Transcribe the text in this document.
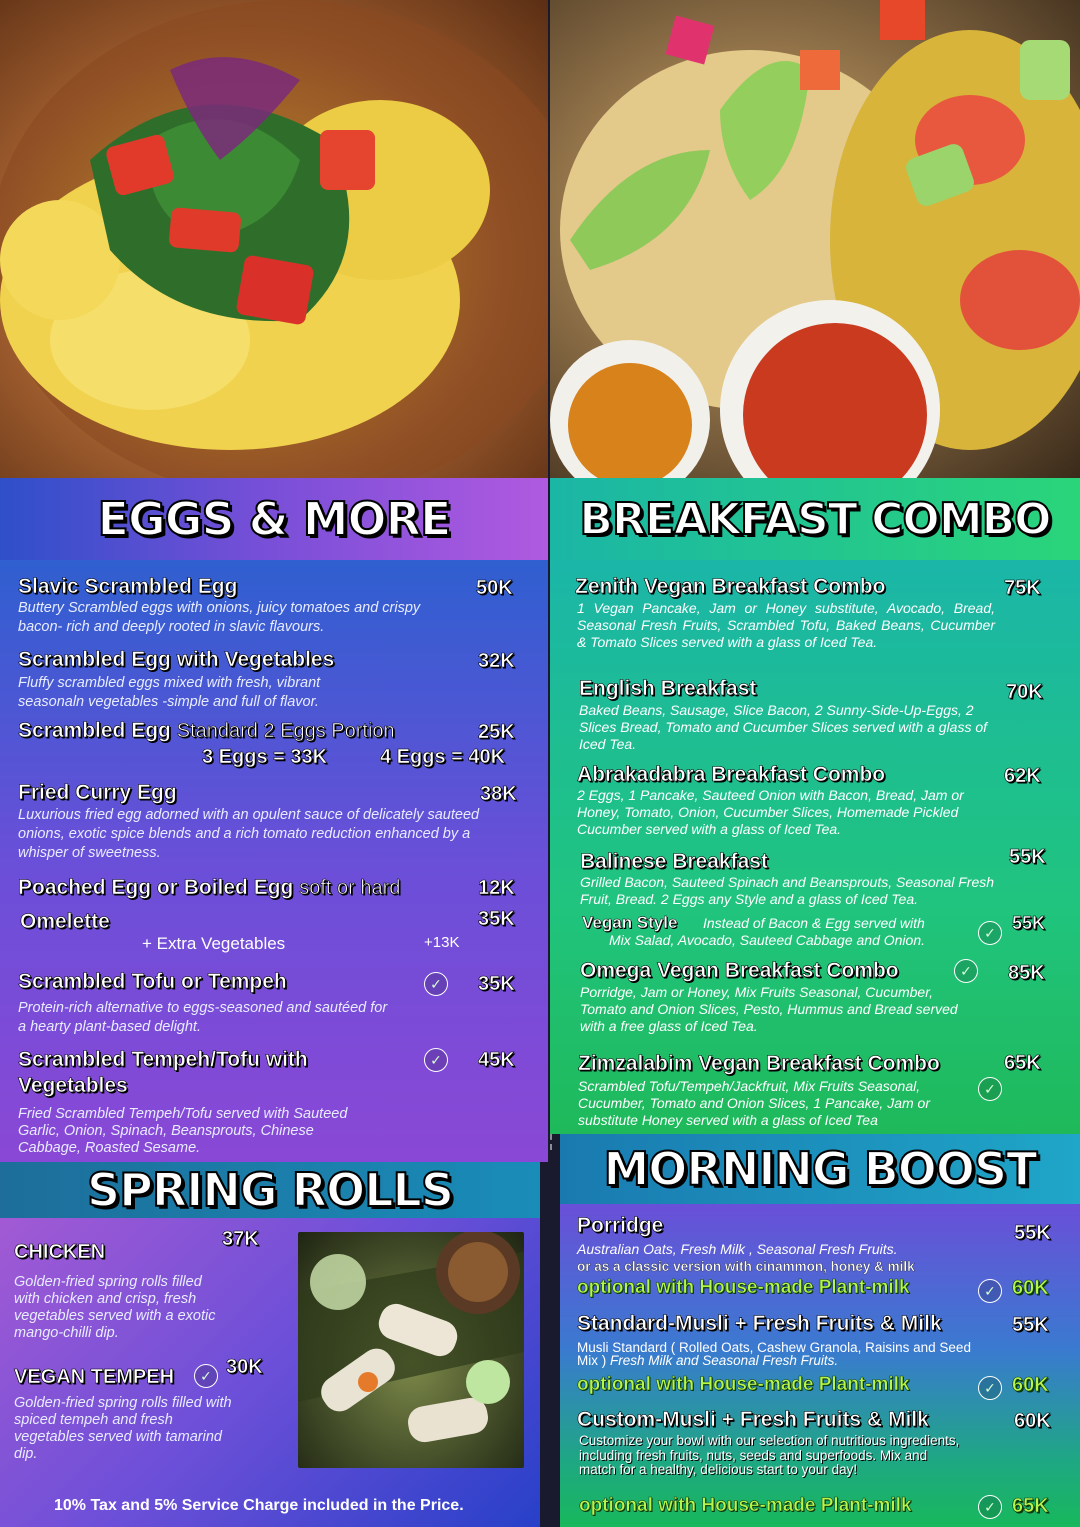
EGGS & MORE	BREAKFAST COMBO
Slavic Scrambled Egg	50K
Buttery Scrambled eggs with onions, juicy tomatoes and crispy bacon- rich and deeply rooted in slavic flavours.
Scrambled Egg with Vegetables	32K
Fluffy scrambled eggs mixed with fresh, vibrant seasonaln vegetables -simple and full of flavor.
Scrambled Egg Standard 2 Eggs Portion	25K
3 Eggs = 33K	4 Eggs = 40K
Fried Curry Egg	38K
Luxurious fried egg adorned with an opulent sauce of delicately sauteed onions, exotic spice blends and a rich tomato reduction enhanced by a whisper of sweetness.
Poached Egg or Boiled Egg soft or hard	12K
Omelette	35K
+ Extra Vegetables	+13K
Scrambled Tofu or Tempeh	✓	35K
Protein-rich alternative to eggs-seasoned and sautéed for a hearty plant-based delight.
Scrambled Tempeh/Tofu with
Vegetables
✓	45K
Fried Scrambled Tempeh/Tofu served with Sauteed Garlic, Onion, Spinach, Beansprouts, Chinese Cabbage, Roasted Sesame.
Zenith Vegan Breakfast Combo	75K
1 Vegan Pancake, Jam or Honey substitute, Avocado, Bread, Seasonal Fresh Fruits, Scrambled Tofu, Baked Beans, Cucumber & Tomato Slices served with a glass of Iced Tea.
English Breakfast	70K
Baked Beans, Sausage, Slice Bacon, 2 Sunny-Side-Up-Eggs, 2 Slices Bread, Tomato and Cucumber Slices served with a glass of Iced Tea.
Abrakadabra Breakfast Combo	62K
2 Eggs, 1 Pancake, Sauteed Onion with Bacon, Bread, Jam or Honey, Tomato, Onion, Cucumber Slices, Homemade Pickled Cucumber served with a glass of Iced Tea.
Balinese Breakfast	55K
Grilled Bacon, Sauteed Spinach and Beansprouts, Seasonal Fresh Fruit, Bread. 2 Eggs any Style and a glass of Iced Tea.
Vegan Style Instead of Bacon & Egg served with
Mix Salad, Avocado, Sauteed Cabbage and Onion.	✓ 55K
Omega Vegan Breakfast Combo	✓	85K
Porridge, Jam or Honey, Mix Fruits Seasonal, Cucumber, Tomato and Onion Slices, Pesto, Hummus and Bread served with a free glass of Iced Tea.
Zimzalabim Vegan Breakfast Combo	65K
✓
Scrambled Tofu/Tempeh/Jackfruit, Mix Fruits Seasonal, Cucumber, Tomato and Onion Slices, 1 Pancake, Jam or substitute Honey served with a glass of Iced Tea
SPRING ROLLS
CHICKEN
37K
Golden-fried spring rolls filled with chicken and crisp, fresh vegetables served with a exotic mango-chilli dip.
VEGAN TEMPEH	✓ 30K
Golden-fried spring rolls filled with spiced tempeh and fresh vegetables served with tamarind dip.
10% Tax and 5% Service Charge included in the Price.
MORNING BOOST
Porridge	55K
Australian Oats, Fresh Milk , Seasonal Fresh Fruits.
or as a classic version with cinammon, honey & milk
optional with House-made Plant-milk	✓ 60K
Standard-Musli + Fresh Fruits & Milk	55K
Musli Standard ( Rolled Oats, Cashew Granola, Raisins and Seed Mix ) Fresh Milk and Seasonal Fresh Fruits.
optional with House-made Plant-milk	✓ 60K
Custom-Musli + Fresh Fruits & Milk	60K
Customize your bowl with our selection of nutritious ingredients, including fresh fruits, nuts, seeds and superfoods. Mix and match for a healthy, delicious start to your day!
optional with House-made Plant-milk	✓ 65K
